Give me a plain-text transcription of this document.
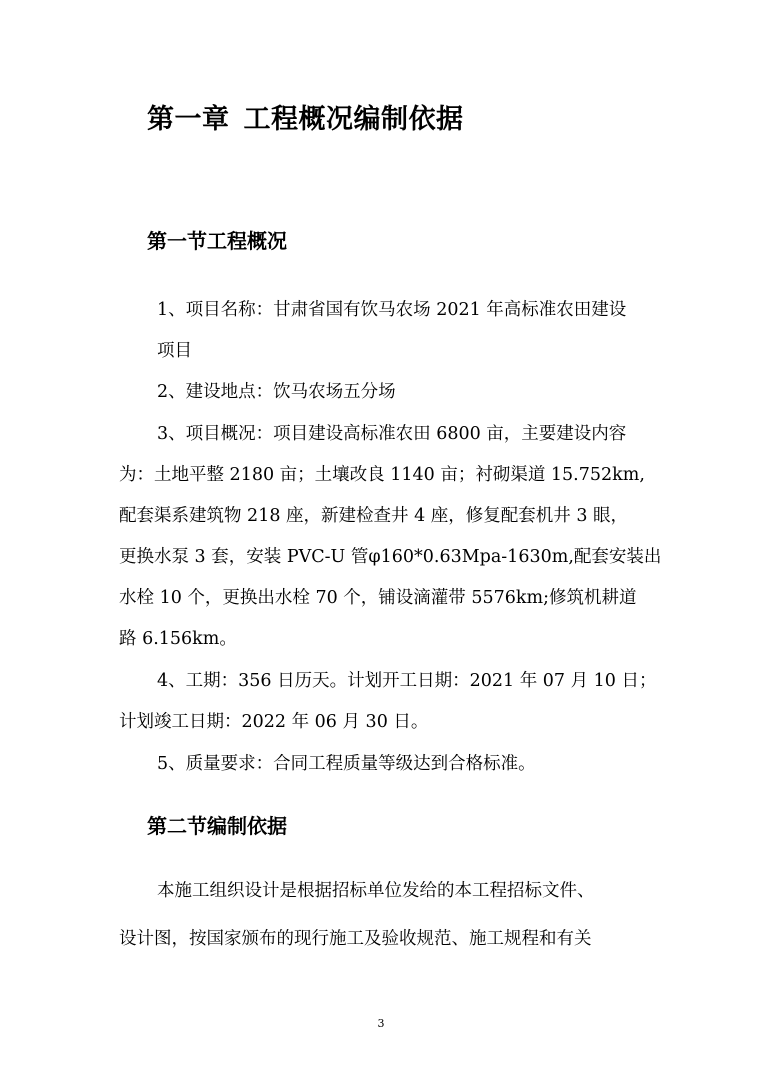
第一章 工程概况编制依据
第一节工程概况
1、项目名称：甘肃省国有饮马农场 2021 年高标准农田建设
项目
2、建设地点：饮马农场五分场
3、项目概况：项目建设高标准农田 6800 亩，主要建设内容
为：土地平整 2180 亩；土壤改良 1140 亩；衬砌渠道 15.752km,
配套渠系建筑物 218 座，新建检查井 4 座，修复配套机井 3 眼，
更换水泵 3 套，安装 PVC-U 管φ160*0.63Mpa-1630m,配套安装出
水栓 10 个，更换出水栓 70 个，铺设滴灌带 5576km;修筑机耕道
路 6.156km。
4、工期：356 日历天。计划开工日期：2021 年 07 月 10 日；
计划竣工日期：2022 年 06 月 30 日。
5、质量要求：合同工程质量等级达到合格标准。
第二节编制依据
本施工组织设计是根据招标单位发给的本工程招标文件、
设计图，按国家颁布的现行施工及验收规范、施工规程和有关
3
